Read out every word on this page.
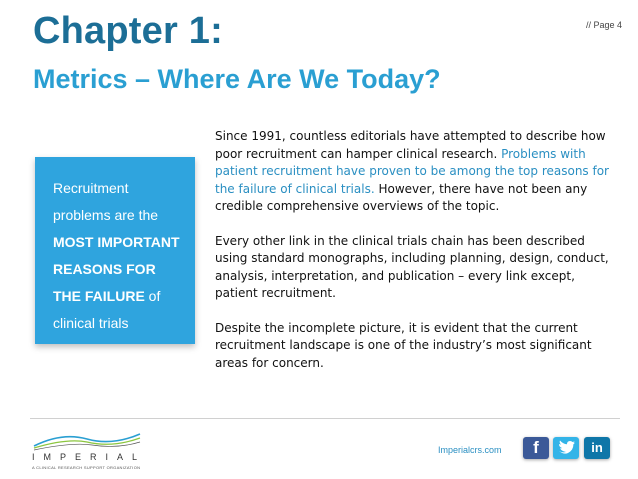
// Page 4
Chapter 1:
Metrics – Where Are We Today?
Recruitment
problems are the
MOST IMPORTANT
REASONS FOR
THE FAILURE of
clinical trials

Since 1991, countless editorials have attempted to describe how poor recruitment can hamper clinical research. Problems with patient recruitment have proven to be among the top reasons for the failure of clinical trials. However, there have not been any credible comprehensive overviews of the topic.

Every other link in the clinical trials chain has been described using standard monographs, including planning, design, conduct, analysis, interpretation, and publication – every link except, patient recruitment.

Despite the incomplete picture, it is evident that the current recruitment landscape is one of the industry’s most significant areas for concern.

IMPERIAL
A CLINICAL RESEARCH SUPPORT ORGANIZATION
Imperialcrs.com	f	in
